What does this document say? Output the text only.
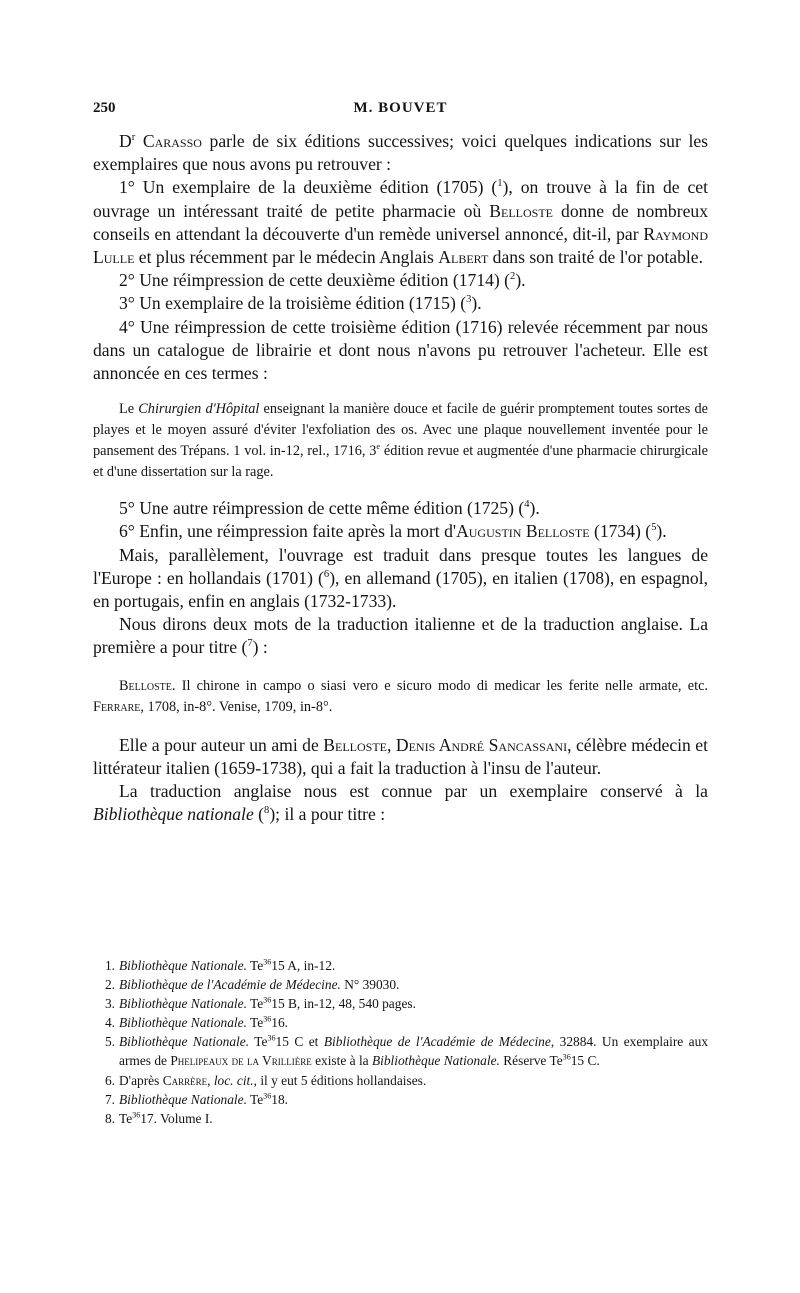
250	M. BOUVET

$D^r$ Carasso parle de six éditions successives; voici quelques indications sur les exemplaires que nous avons pu retrouver :

1° Un exemplaire de la deuxième édition (1705) ($^1$), on trouve à la fin de cet ouvrage un intéressant traité de petite pharmacie où Belloste donne de nombreux conseils en attendant la découverte d'un remède universel annoncé, dit-il, par Raymond Lulle et plus récemment par le médecin Anglais Albert dans son traité de l'or potable.

2° Une réimpression de cette deuxième édition (1714) ($^2$).

3° Un exemplaire de la troisième édition (1715) ($^3$).

4° Une réimpression de cette troisième édition (1716) relevée récemment par nous dans un catalogue de librairie et dont nous n'avons pu retrouver l'acheteur. Elle est annoncée en ces termes :

Le Chirurgien d'Hôpital enseignant la manière douce et facile de guérir promptement toutes sortes de playes et le moyen assuré d'éviter l'exfoliation des os. Avec une plaque nouvellement inventée pour le pansement des Trépans. 1 vol. in-12, rel., 1716, 3e édition revue et augmentée d'une pharmacie chirurgicale et d'une dissertation sur la rage.

5° Une autre réimpression de cette même édition (1725) ($^4$).

6° Enfin, une réimpression faite après la mort d'Augustin Belloste (1734) ($^5$).

Mais, parallèlement, l'ouvrage est traduit dans presque toutes les langues de l'Europe : en hollandais (1701) ($^6$), en allemand (1705), en italien (1708), en espagnol, en portugais, enfin en anglais (1732-1733).

Nous dirons deux mots de la traduction italienne et de la traduction anglaise. La première a pour titre ($^7$) :

Belloste. Il chirone in campo o siasi vero e sicuro modo di medicar les ferite nelle armate, etc. Ferrare, 1708, in-8°. Venise, 1709, in-8°.

Elle a pour auteur un ami de Belloste, Denis André Sancassani, célèbre médecin et littérateur italien (1659-1738), qui a fait la traduction à l'insu de l'auteur.

La traduction anglaise nous est connue par un exemplaire conservé à la Bibliothèque nationale ($^8$); il a pour titre :

1. Bibliothèque Nationale. Te$^{36}$15 A, in-12.

2. Bibliothèque de l'Académie de Médecine. N° 39030.

3. Bibliothèque Nationale. Te$^{36}$15 B, in-12, 48, 540 pages.

4. Bibliothèque Nationale. Te$^{36}$16.

5. Bibliothèque Nationale. Te$^{36}$15 C et Bibliothèque de l'Académie de Médecine, 32884. Un exemplaire aux armes de Phelipeaux de la Vrillière existe à la Bibliothèque Nationale. Réserve Te$^{36}$15 C.

6. D'après Carrère, loc. cit., il y eut 5 éditions hollandaises.

7. Bibliothèque Nationale. Te$^{36}$18.

8. Te$^{36}$17. Volume I.
